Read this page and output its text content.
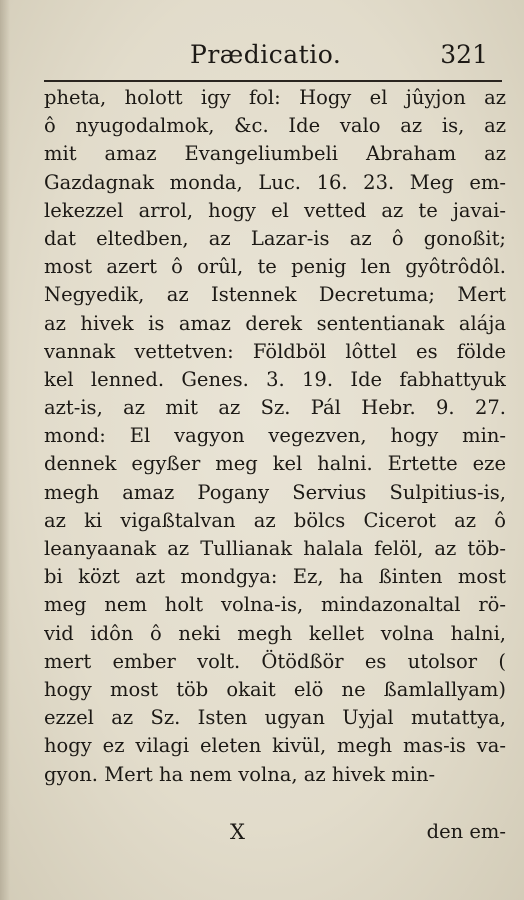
Prædicatio.	321
pheta, holott igy fol: Hogy el jûyjon az
ô nyugodalmok, &c. Ide valo az is, az
mit amaz Evangeliumbeli Abraham az
Gazdagnak monda, Luc. 16. 23. Meg em-
lekezzel arrol, hogy el vetted az te javai-
dat eltedben, az Lazar-is az ô gonoßit;
most azert ô orûl, te penig len gyôtrôdôl.
Negyedik, az Istennek Decretuma; Mert
az hivek is amaz derek sententianak alája
vannak vettetven: Földböl lôttel es földe
kel lenned. Genes. 3. 19. Ide fabhattyuk
azt-is, az mit az Sz. Pál Hebr. 9. 27.
mond: El vagyon vegezven, hogy min-
dennek egyßer meg kel halni. Ertette eze
megh amaz Pogany Servius Sulpitius-is,
az ki vigaßtalvan az bölcs Cicerot az ô
leanyaanak az Tullianak halala felöl, az töb-
bi közt azt mondgya: Ez, ha ßinten most
meg nem holt volna-is, mindazonaltal rö-
vid idôn ô neki megh kellet volna halni,
mert ember volt. Ötödßör es utolsor (
hogy most töb okait elö ne ßamlallyam)
ezzel az Sz. Isten ugyan Uyjal mutattya,
hogy ez vilagi eleten kivül, megh mas-is va-
gyon. Mert ha nem volna, az hivek min-
X	den em-
